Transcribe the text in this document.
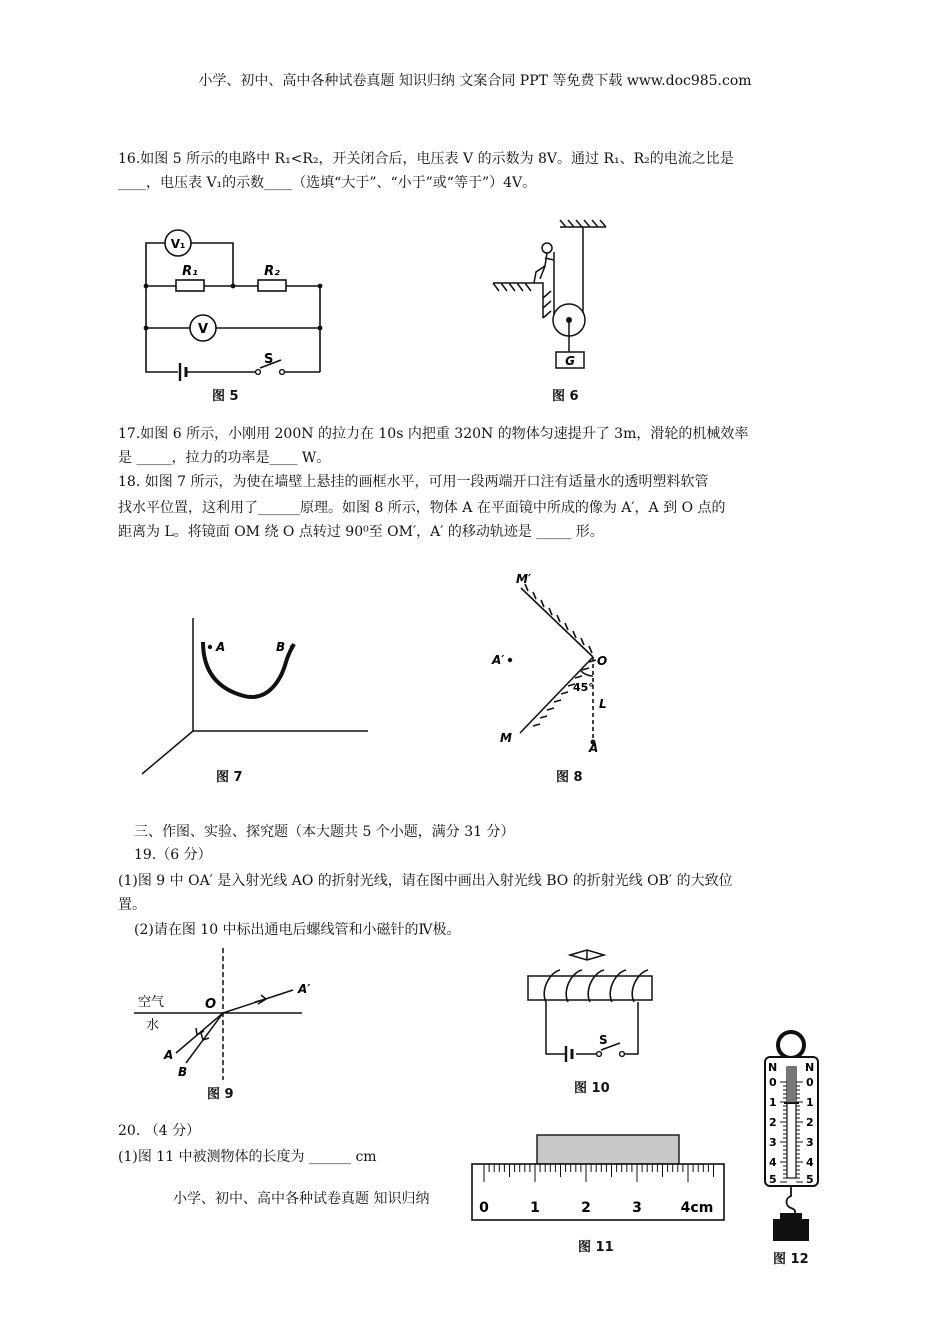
小学、初中、高中各种试卷真题 知识归纳 文案合同 PPT 等免费下载 www.doc985.com
16.如图 5 所示的电路中 R₁<R₂，开关闭合后，电压表 V 的示数为 8V。通过 R₁、R₂的电流之比是
____，电压表 V₁的示数____（选填“大于”、“小于”或“等于”）4V。
V₁
R₁	R₂
V
S
图 5
G
图 6
17.如图 6 所示，小刚用 200N 的拉力在 10s 内把重 320N 的物体匀速提升了 3m，滑轮的机械效率
是 _____，拉力的功率是____ W。
18. 如图 7 所示，为使在墙壁上悬挂的画框水平，可用一段两端开口注有适量水的透明塑料软管
找水平位置，这利用了______原理。如图 8 所示，物体 A 在平面镜中所成的像为 A′，A 到 O 点的
距离为 L。将镜面 OM 绕 O 点转过 90⁰至 OM′，A′ 的移动轨迹是 _____ 形。
A	B
图 7
M′
A′	O
45°
L
M
A
图 8
三、作图、实验、探究题（本大题共 5 个小题，满分 31 分）
19.（6 分）
(1)图 9 中 OA′ 是入射光线 AO 的折射光线，请在图中画出入射光线 BO 的折射光线 OB′ 的大致位
置。
(2)请在图 10 中标出通电后螺线管和小磁针的Ⅳ极。
空气
水
O
A′
A
B
图 9
S
图 10
20. （4 分）
(1)图 11 中被测物体的长度为 ______ cm
小学、初中、高中各种试卷真题 知识归纳
0	1	2	3	4cm
图 11
N	N
0
1
2
3
4
5
0
1
2
3
4
5
图 12
